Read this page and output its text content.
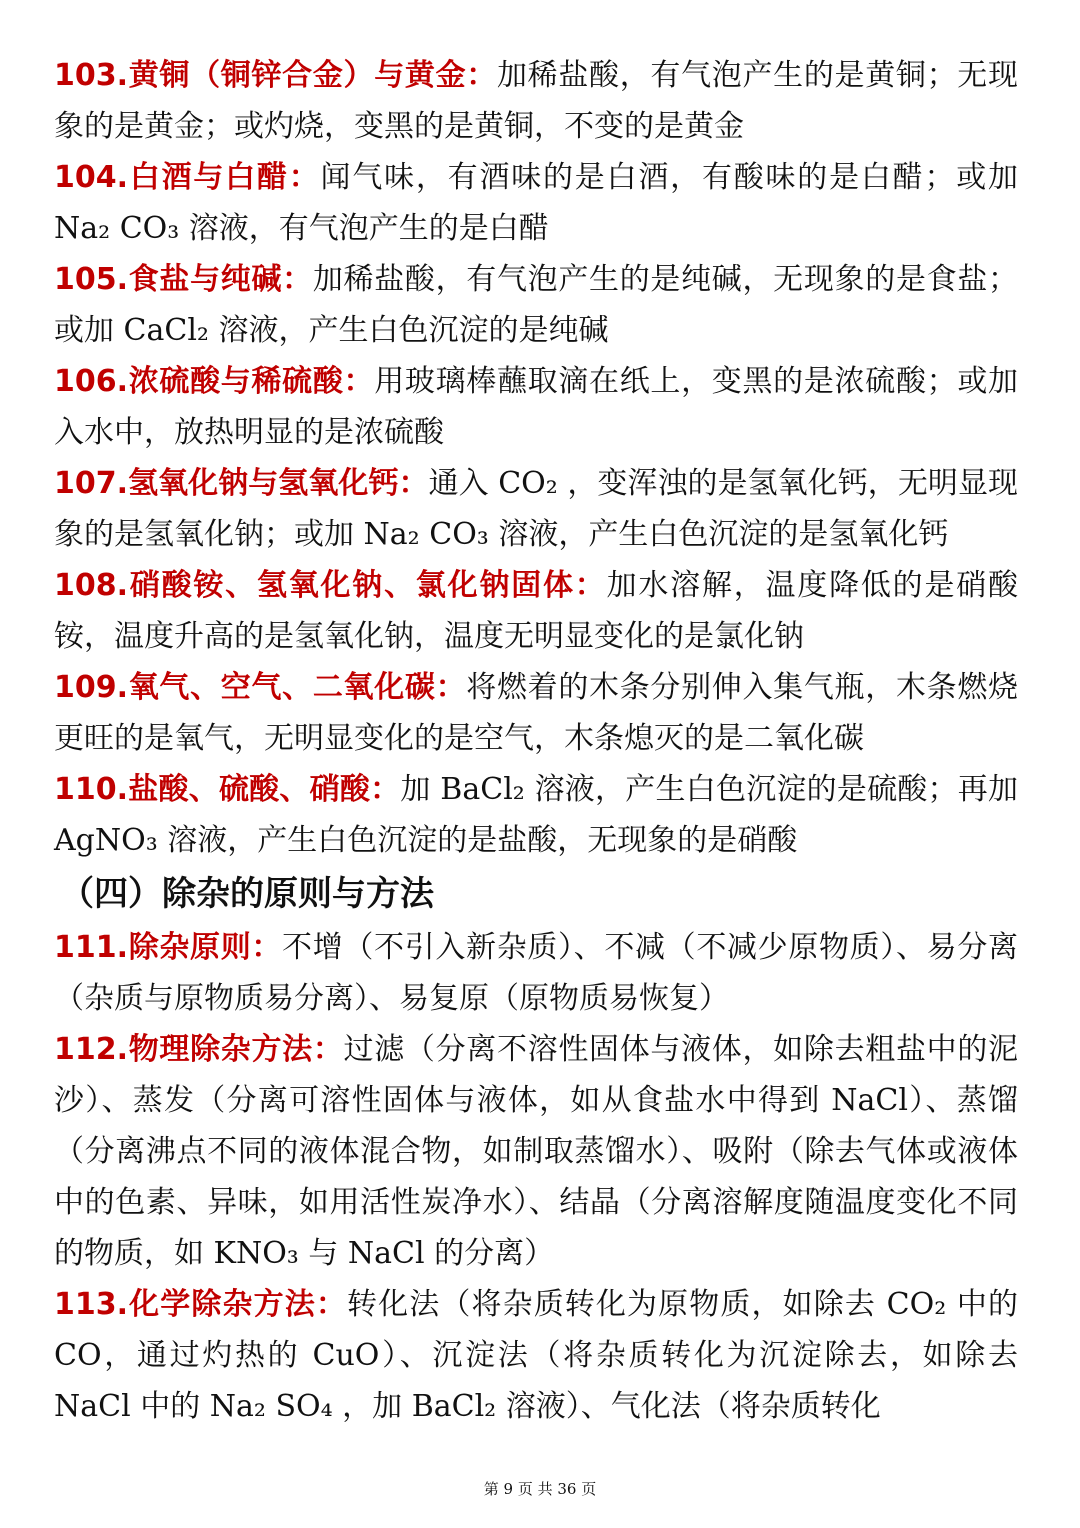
103.黄铜（铜锌合金）与黄金：加稀盐酸，有气泡产生的是黄铜；无现象的是黄金；或灼烧，变黑的是黄铜，不变的是黄金

104.白酒与白醋：闻气味，有酒味的是白酒，有酸味的是白醋；或加 Na₂ CO₃ 溶液，有气泡产生的是白醋

105.食盐与纯碱：加稀盐酸，有气泡产生的是纯碱，无现象的是食盐；或加 CaCl₂ 溶液，产生白色沉淀的是纯碱

106.浓硫酸与稀硫酸：用玻璃棒蘸取滴在纸上，变黑的是浓硫酸；或加入水中，放热明显的是浓硫酸

107.氢氧化钠与氢氧化钙：通入 CO₂ ，变浑浊的是氢氧化钙，无明显现象的是氢氧化钠；或加 Na₂ CO₃ 溶液，产生白色沉淀的是氢氧化钙

108.硝酸铵、氢氧化钠、氯化钠固体：加水溶解，温度降低的是硝酸铵，温度升高的是氢氧化钠，温度无明显变化的是氯化钠

109.氧气、空气、二氧化碳：将燃着的木条分别伸入集气瓶，木条燃烧更旺的是氧气，无明显变化的是空气，木条熄灭的是二氧化碳

110.盐酸、硫酸、硝酸：加 BaCl₂ 溶液，产生白色沉淀的是硫酸；再加 AgNO₃ 溶液，产生白色沉淀的是盐酸，无现象的是硝酸

（四）除杂的原则与方法

111.除杂原则：不增（不引入新杂质）、不减（不减少原物质）、易分离（杂质与原物质易分离）、易复原（原物质易恢复）

112.物理除杂方法：过滤（分离不溶性固体与液体，如除去粗盐中的泥沙）、蒸发（分离可溶性固体与液体，如从食盐水中得到 NaCl）、蒸馏（分离沸点不同的液体混合物，如制取蒸馏水）、吸附（除去气体或液体中的色素、异味，如用活性炭净水）、结晶（分离溶解度随温度变化不同的物质，如 KNO₃ 与 NaCl 的分离）

113.化学除杂方法：转化法（将杂质转化为原物质，如除去 CO₂ 中的 CO，通过灼热的 CuO）、沉淀法（将杂质转化为沉淀除去，如除去 NaCl 中的 Na₂ SO₄ ，加 BaCl₂ 溶液）、气化法（将杂质转化

第 9 页 共 36 页
